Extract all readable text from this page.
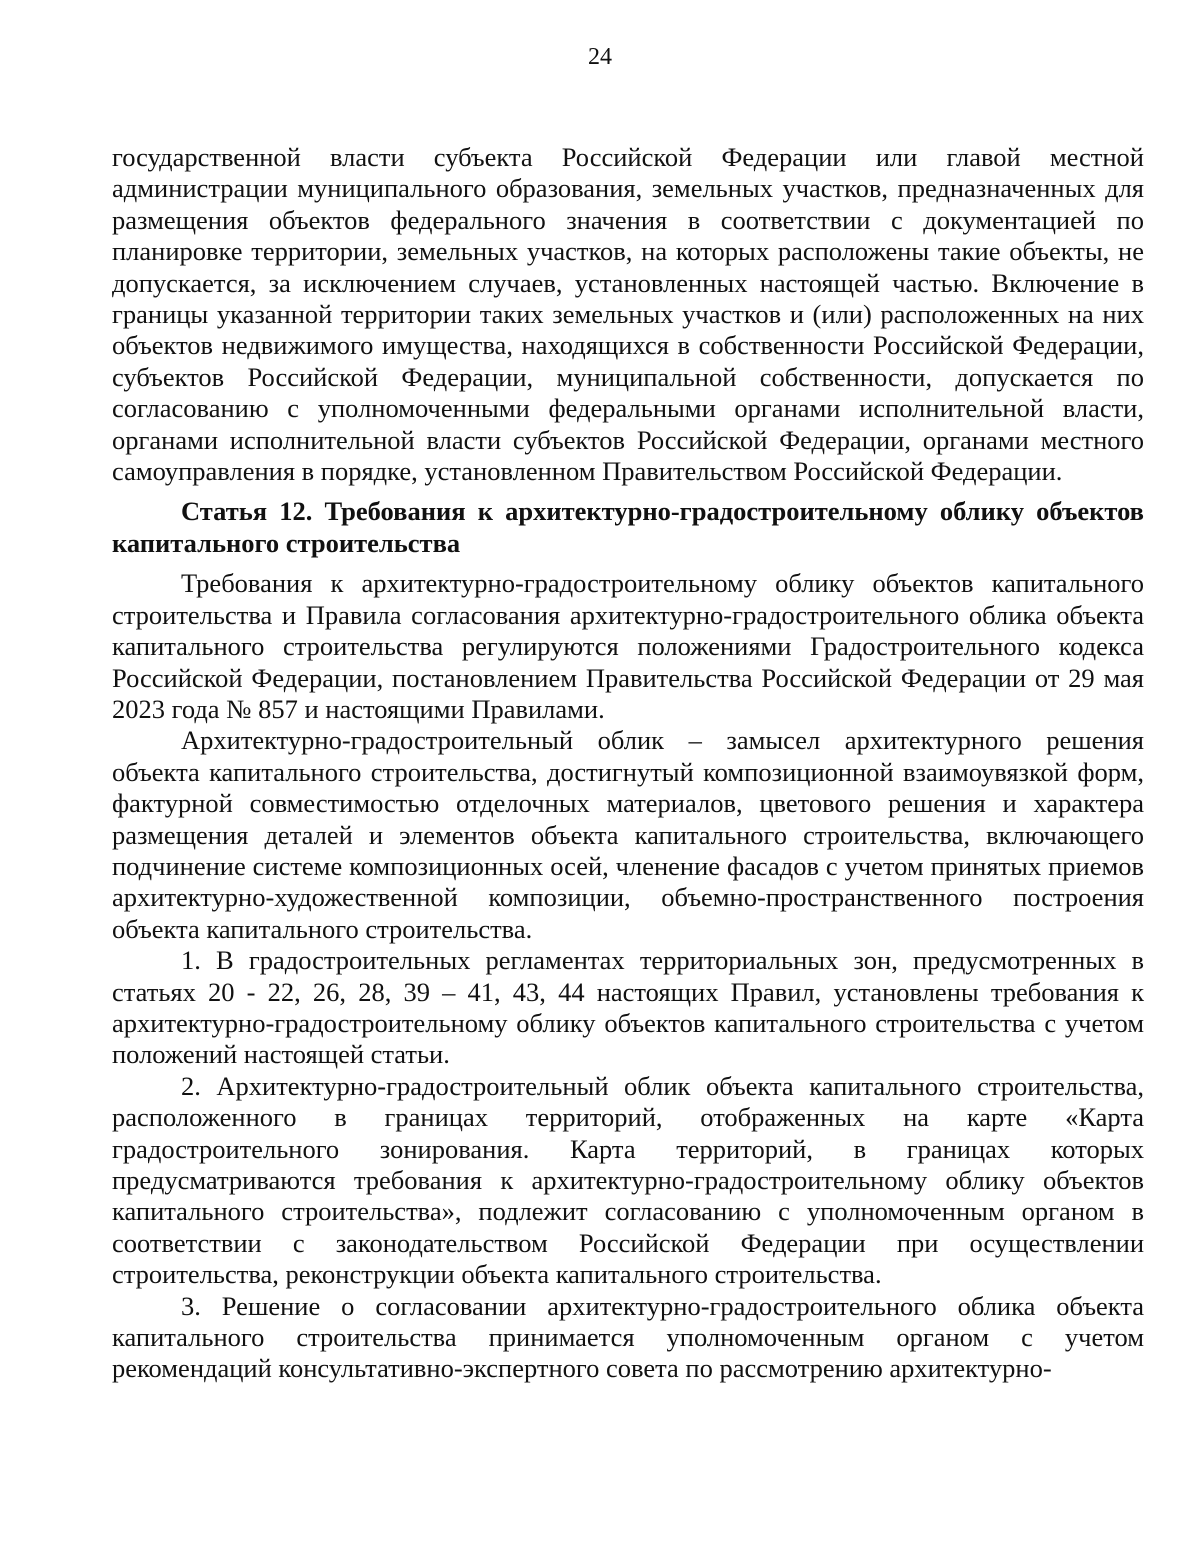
24

государственной власти субъекта Российской Федерации или главой местной администрации муниципального образования, земельных участков, предназначенных для размещения объектов федерального значения в соответствии с документацией по планировке территории, земельных участков, на которых расположены такие объекты, не допускается, за исключением случаев, установленных настоящей частью. Включение в границы указанной территории таких земельных участков и (или) расположенных на них объектов недвижимого имущества, находящихся в собственности Российской Федерации, субъектов Российской Федерации, муниципальной собственности, допускается по согласованию с уполномоченными федеральными органами исполнительной власти, органами исполнительной власти субъектов Российской Федерации, органами местного самоуправления в порядке, установленном Правительством Российской Федерации.

Статья 12. Требования к архитектурно-градостроительному облику объектов капитального строительства

Требования к архитектурно-градостроительному облику объектов капитального строительства и Правила согласования архитектурно-градостроительного облика объекта капитального строительства регулируются положениями Градостроительного кодекса Российской Федерации, постановлением Правительства Российской Федерации от 29 мая 2023 года № 857 и настоящими Правилами.

Архитектурно-градостроительный облик – замысел архитектурного решения объекта капитального строительства, достигнутый композиционной взаимоувязкой форм, фактурной совместимостью отделочных материалов, цветового решения и характера размещения деталей и элементов объекта капитального строительства, включающего подчинение системе композиционных осей, членение фасадов с учетом принятых приемов архитектурно-художественной композиции, объемно-пространственного построения объекта капитального строительства.

1. В градостроительных регламентах территориальных зон, предусмотренных в статьях 20 - 22, 26, 28, 39 – 41, 43, 44 настоящих Правил, установлены требования к архитектурно-градостроительному облику объектов капитального строительства с учетом положений настоящей статьи.

2. Архитектурно-градостроительный облик объекта капитального строительства, расположенного в границах территорий, отображенных на карте «Карта градостроительного зонирования. Карта территорий, в границах которых предусматриваются требования к архитектурно-градостроительному облику объектов капитального строительства», подлежит согласованию с уполномоченным органом в соответствии с законодательством Российской Федерации при осуществлении строительства, реконструкции объекта капитального строительства.

3. Решение о согласовании архитектурно-градостроительного облика объекта капитального строительства принимается уполномоченным органом с учетом рекомендаций консультативно-экспертного совета по рассмотрению архитектурно-
